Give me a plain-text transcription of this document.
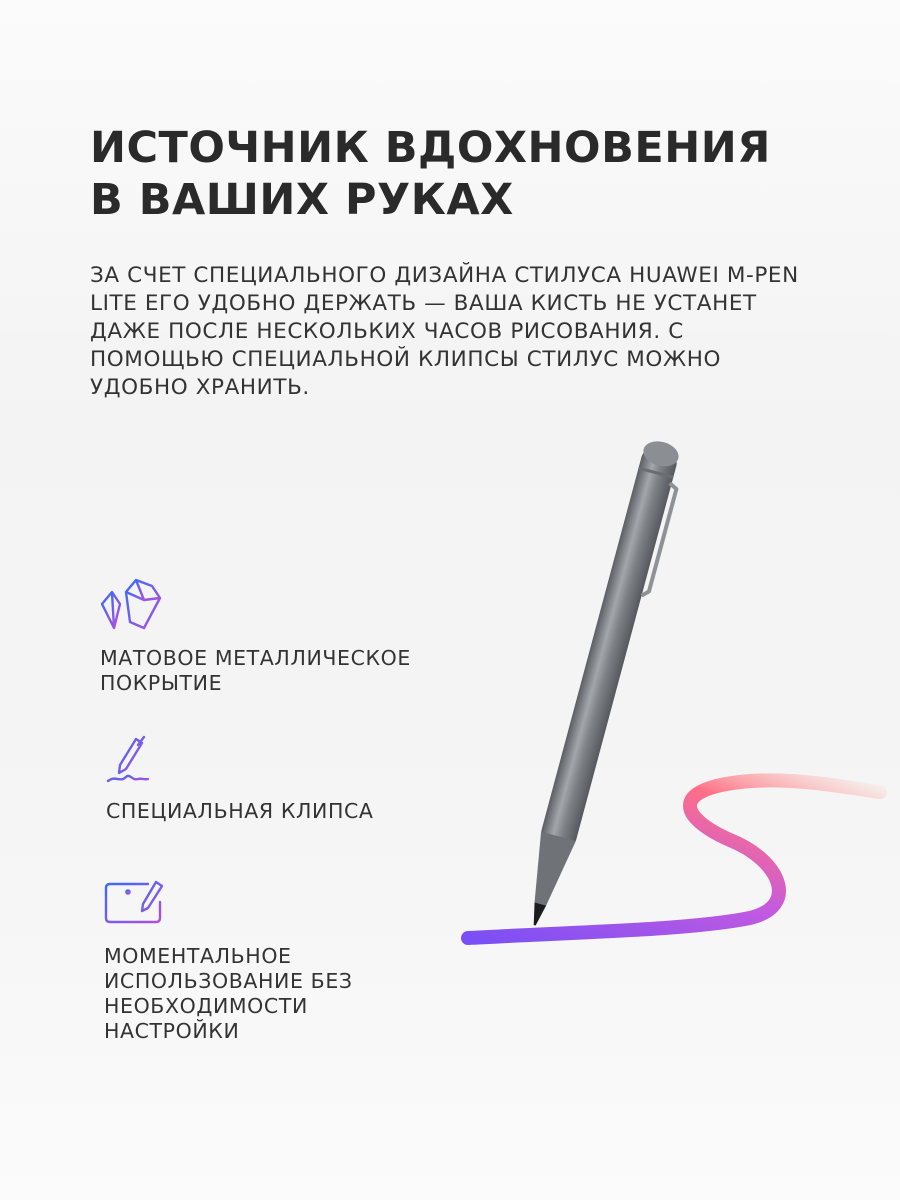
ИСТОЧНИК ВДОХНОВЕНИЯ
В ВАШИХ РУКАХ

ЗА СЧЕТ СПЕЦИАЛЬНОГО ДИЗАЙНА СТИЛУСА HUAWEI M-PEN LITE ЕГО УДОБНО ДЕРЖАТЬ — ВАША КИСТЬ НЕ УСТАНЕТ ДАЖЕ ПОСЛЕ НЕСКОЛЬКИХ ЧАСОВ РИСОВАНИЯ. С ПОМОЩЬЮ СПЕЦИАЛЬНОЙ КЛИПСЫ СТИЛУС МОЖНО УДОБНО ХРАНИТЬ.

МАТОВОЕ МЕТАЛЛИЧЕСКОЕ ПОКРЫТИЕ
СПЕЦИАЛЬНАЯ КЛИПСА
МОМЕНТАЛЬНОЕ ИСПОЛЬЗОВАНИЕ БЕЗ НЕОБХОДИМОСТИ НАСТРОЙКИ
